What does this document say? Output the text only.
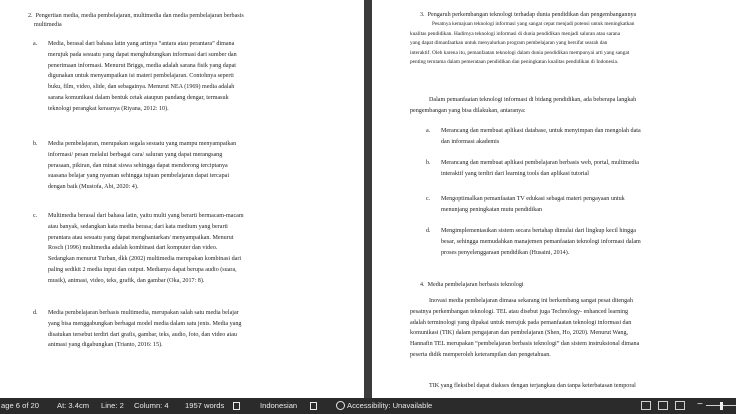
2.  Pengertian media, media pembelajaran, multimedia dan media pembelajaran berbasis
multimedia
a. Media, berasal dari bahasa latin yang artinya “antara atau perantara” dimana
merujuk pada sesuatu yang dapat menghubungkan informasi dari sumber dan
penerimaan informasi. Menurut Briggs, media adalah sarana fisik yang dapat
digunakan untuk menyampaikan isi materi pembelajaran. Contohnya seperti
buku, film, video, slide, dan sebagainya. Menurut NEA (1969) media adalah
sarana komunikasi dalam bentuk cetak ataupun pandang dengar, termasuk
teknologi perangkat kerasnya (Riyana, 2012: 10).
b. Media pembelajaran, merupakan segala sesuatu yang mampu menyampaikan
informasi/ pesan melalui berbagai cara/ saluran yang dapat merangsang
perasaan, pikiran, dan minat siswa sehingga dapat mendorong terciptanya
suasana belajar yang nyaman sehingga tujuan pembelajaran dapat tercapai
dengan baik (Mustofa, Abi, 2020: 4).
c. Multimedia berasal dari bahasa latin, yaitu multi yang berarti bermacam-macam
atau banyak, sedangkan kata media berasa; dari kata medium yang berarti
perantara atau sesuatu yang dapat menghantarkan/ menyampaikan. Menurut
Rosch (1996) multimedia adalah kombinasi dari komputer dan video.
Sedangkan menurut Turban, dkk (2002) multimedia merupakan kombinasi dari
paling sedikit 2 media input dan output. Medianya dapat berupa audio (suara,
musik), animasi, video, teks, grafik, dan gambar (Oka, 2017: 8).
d. Media pembelajaran berbasis multimedia, merupakan salah satu media belajar
yang bisa menggabungkan berbagai model media dalam satu jenis. Media yang
disatukan tersebut terdiri dari grafis, gambar, teks, audio, foto, dan video atau
animasi yang digabungkan (Trianto, 2016: 15).
3.  Pengaruh perkembangan teknologi terhadap dunia pendidikan dan pengembangannya
Pesatnya kemajuan teknologi informasi yang sangat cepat menjadi potensi untuk meningkatkan
kualitas pendidikan. Hadirnya teknologi informasi di dunia pendidikan menjadi saluran atau sarana
yang dapat dimanfaatkan untuk menyalurkan program pembelajaran yang bersifat searah dan
interaktif. Oleh karena itu, pemanfaatan teknologi dalam dunia pendidikan mempunyai arti yang sangat
penting terutama dalam pemerataan pendidikan dan peningkatan kualitas pendidikan di Indonesia.
Dalam pemanfaatan teknologi informasi di bidang pendidikan, ada beberapa langkah
pengembangan yang bisa dilakukan, antaranya:
a. Merancang dan membuat aplikasi database, untuk menyimpan dan mengolah data
dan informasi akademis
b. Merancang dan membuat aplikasi pembelajaran berbasis web, portal, multimedia
interaktif yang terdiri dari learning tools dan aplikasi tutorial
c. Mengoptimalkan pemanfaatan TV edukasi sebagai materi pengayaan untuk
menunjang peningkatan mutu pendidikan
d. Mengimplementasikan sistem secara bertahap dimulai dari lingkup kecil hingga
besar, sehingga memudahkan manajemen pemanfaatan teknologi informasi dalam
proses penyelenggaraan pendidikan (Husaini, 2014).
4.  Media pembelajaran berbasis teknologi
Inovasi media pembelajaran dimasa sekarang ini berkembang sangat pesat ditengah
pesatnya perkembangan teknologi. TEL atau disebut juga Technology- enhanced learning
adalah terminologi yang dipakai untuk merujuk pada pemanfaatan teknologi informasi dan
komunikasi (TIK) dalam pengajaran dan pembelajaran (Shen, Ho, 2020). Menurut Wang,
Hannafin TEL merupakan “pembelajaran berbasis teknologi” dan sistem instruksional dimana
peserta didik memperoleh keterampilan dan pengetahuan.
TIK yang fleksibel dapat diakses dengan terjangkau dan tanpa keterbatasan temporal
age 6 of 20 At: 3.4cm Line: 2 Column: 4 1957 words	Indonesian	Accessibility: Unavailable	−
